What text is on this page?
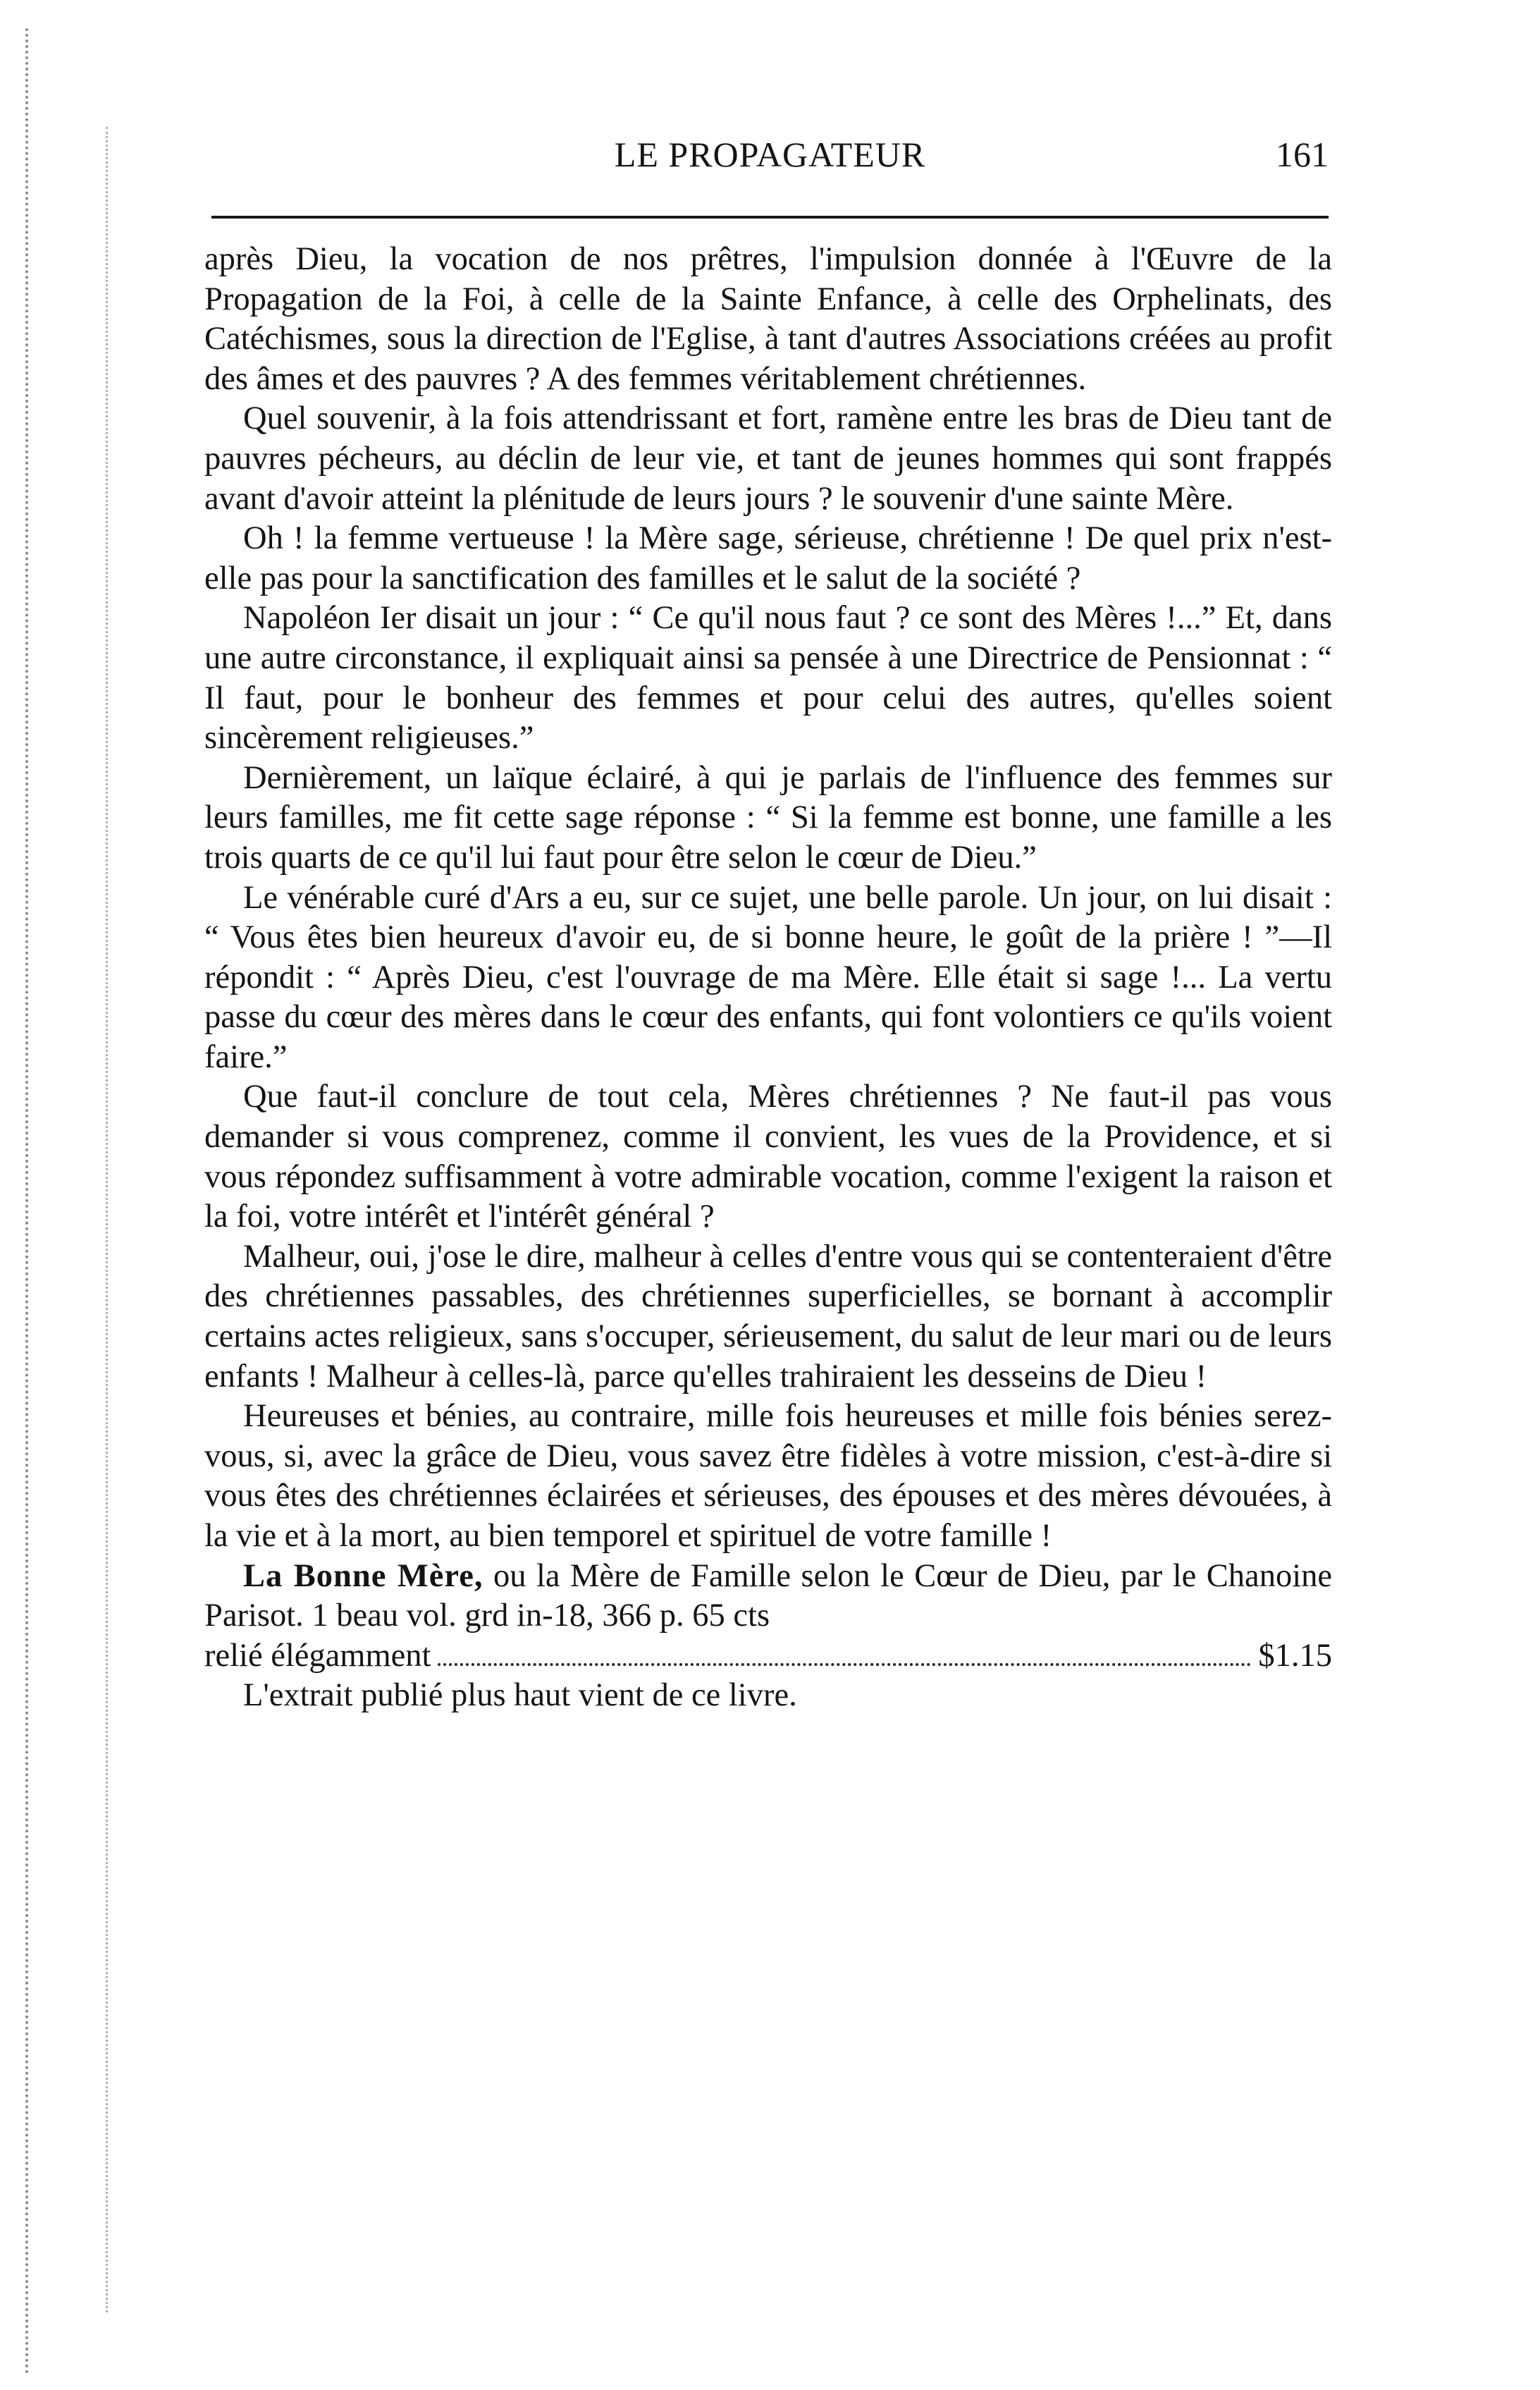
LE PROPAGATEUR	161

après Dieu, la vocation de nos prêtres, l'impulsion donnée à l'Œuvre de la Propagation de la Foi, à celle de la Sainte Enfance, à celle des Orphelinats, des Catéchismes, sous la direction de l'Eglise, à tant d'autres Associations créées au profit des âmes et des pauvres ? A des femmes véritablement chrétiennes.

Quel souvenir, à la fois attendrissant et fort, ramène entre les bras de Dieu tant de pauvres pécheurs, au déclin de leur vie, et tant de jeunes hommes qui sont frappés avant d'avoir atteint la plénitude de leurs jours ? le souvenir d'une sainte Mère.

Oh ! la femme vertueuse ! la Mère sage, sérieuse, chrétienne ! De quel prix n'est-elle pas pour la sanctification des familles et le salut de la société ?

Napoléon Ier disait un jour : “ Ce qu'il nous faut ? ce sont des Mères !...” Et, dans une autre circonstance, il expliquait ainsi sa pensée à une Directrice de Pensionnat : “ Il faut, pour le bonheur des femmes et pour celui des autres, qu'elles soient sincèrement religieuses.”

Dernièrement, un laïque éclairé, à qui je parlais de l'influence des femmes sur leurs familles, me fit cette sage réponse : “ Si la femme est bonne, une famille a les trois quarts de ce qu'il lui faut pour être selon le cœur de Dieu.”

Le vénérable curé d'Ars a eu, sur ce sujet, une belle parole. Un jour, on lui disait : “ Vous êtes bien heureux d'avoir eu, de si bonne heure, le goût de la prière ! ”—Il répondit : “ Après Dieu, c'est l'ouvrage de ma Mère. Elle était si sage !... La vertu passe du cœur des mères dans le cœur des enfants, qui font volontiers ce qu'ils voient faire.”

Que faut-il conclure de tout cela, Mères chrétiennes ? Ne faut-il pas vous demander si vous comprenez, comme il convient, les vues de la Providence, et si vous répondez suffisamment à votre admirable vocation, comme l'exigent la raison et la foi, votre intérêt et l'intérêt général ?

Malheur, oui, j'ose le dire, malheur à celles d'entre vous qui se contenteraient d'être des chrétiennes passables, des chrétiennes superficielles, se bornant à accomplir certains actes religieux, sans s'occuper, sérieusement, du salut de leur mari ou de leurs enfants ! Malheur à celles-là, parce qu'elles trahiraient les desseins de Dieu !

Heureuses et bénies, au contraire, mille fois heureuses et mille fois bénies serez-vous, si, avec la grâce de Dieu, vous savez être fidèles à votre mission, c'est-à-dire si vous êtes des chrétiennes éclairées et sérieuses, des épouses et des mères dévouées, à la vie et à la mort, au bien temporel et spirituel de votre famille !

La Bonne Mère, ou la Mère de Famille selon le Cœur de Dieu, par le Chanoine Parisot. 1 beau vol. grd in-18, 366 p. 65 cts

relié élégamment	$1.15

L'extrait publié plus haut vient de ce livre.
